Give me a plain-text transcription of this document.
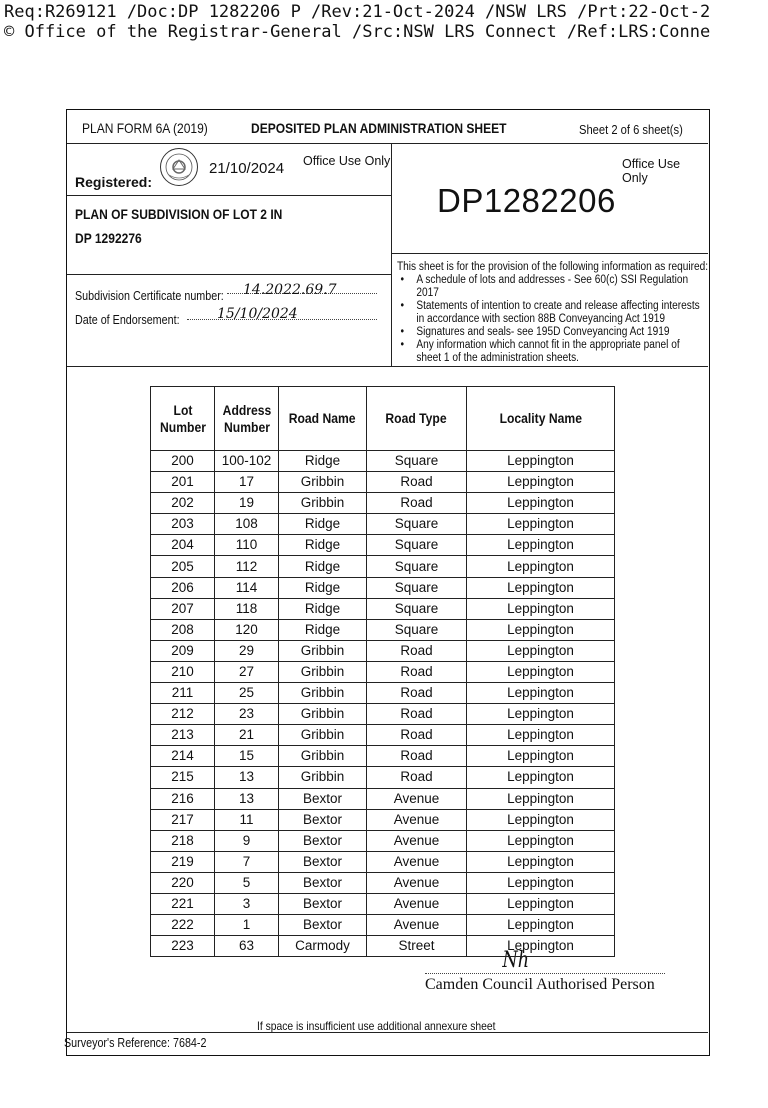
Req:R269121 /Doc:DP 1282206 P /Rev:21-Oct-2024 /NSW LRS /Prt:22-Oct-2
© Office of the Registrar-General /Src:NSW LRS Connect /Ref:LRS:Conne
PLAN FORM 6A (2019)	DEPOSITED PLAN ADMINISTRATION SHEET	Sheet 2 of 6 sheet(s)
21/10/2024 Office Use Only
Registered:
PLAN OF SUBDIVISION OF LOT 2 IN
DP 1292276
Subdivision Certificate number:	14.2022.69.7
Date of Endorsement:	15/10/2024
Office Use Only
DP1282206
This sheet is for the provision of the following information as required:
• A schedule of lots and addresses - See 60(c) SSI Regulation 2017
• Statements of intention to create and release affecting interests in accordance with section 88B Conveyancing Act 1919
• Signatures and seals- see 195D Conveyancing Act 1919
• Any information which cannot fit in the appropriate panel of sheet 1 of the administration sheets.
Nh
Camden Council Authorised Person
If space is insufficient use additional annexure sheet
Surveyor's Reference: 7684-2
Lot Number	Address Number	Road Name	Road Type	Locality Name
200	100-102	Ridge	Square	Leppington
201	17	Gribbin	Road	Leppington
202	19	Gribbin	Road	Leppington
203	108	Ridge	Square	Leppington
204	110	Ridge	Square	Leppington
205	112	Ridge	Square	Leppington
206	114	Ridge	Square	Leppington
207	118	Ridge	Square	Leppington
208	120	Ridge	Square	Leppington
209	29	Gribbin	Road	Leppington
210	27	Gribbin	Road	Leppington
211	25	Gribbin	Road	Leppington
212	23	Gribbin	Road	Leppington
213	21	Gribbin	Road	Leppington
214	15	Gribbin	Road	Leppington
215	13	Gribbin	Road	Leppington
216	13	Bextor	Avenue	Leppington
217	11	Bextor	Avenue	Leppington
218	9	Bextor	Avenue	Leppington
219	7	Bextor	Avenue	Leppington
220	5	Bextor	Avenue	Leppington
221	3	Bextor	Avenue	Leppington
222	1	Bextor	Avenue	Leppington
223	63	Carmody	Street	Leppington
